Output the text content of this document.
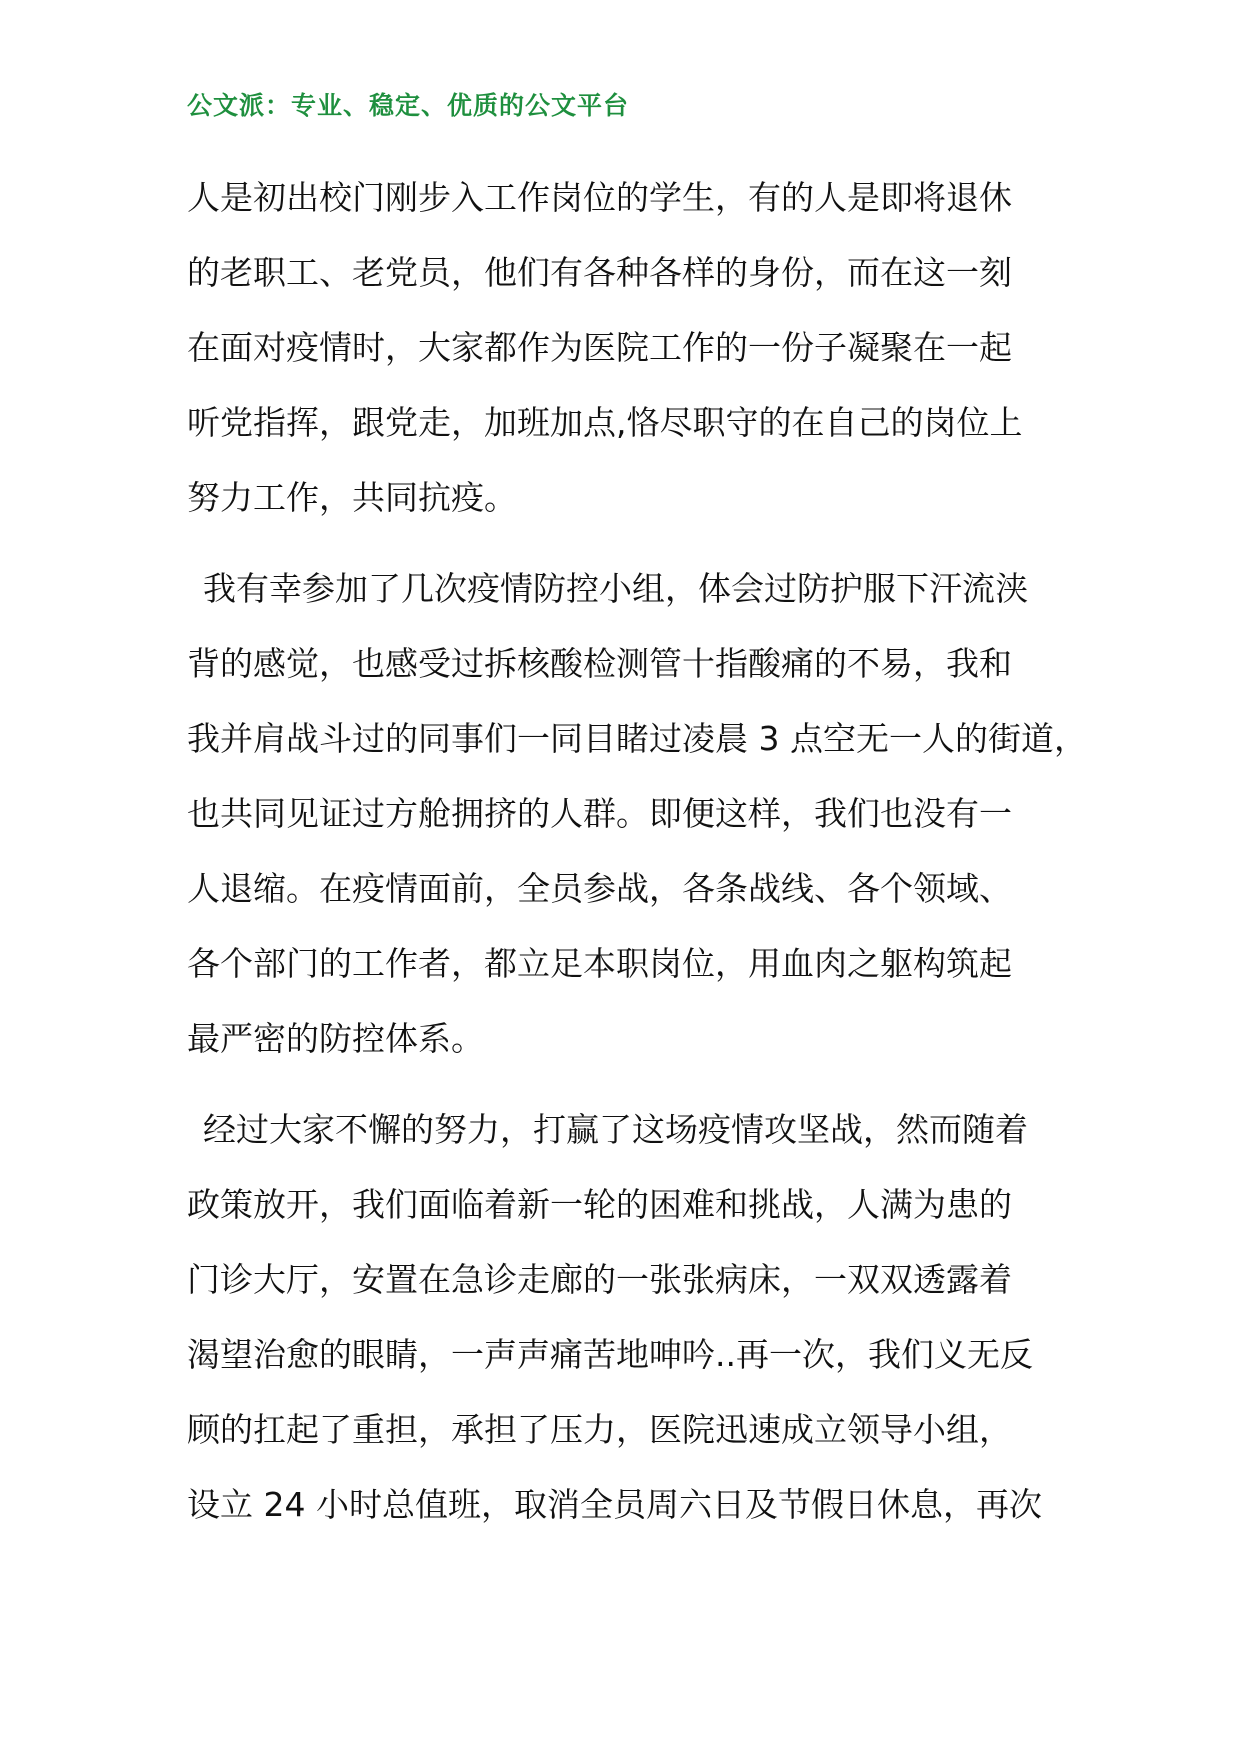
公文派：专业、稳定、优质的公文平台
人是初出校门刚步入工作岗位的学生，有的人是即将退休
的老职工、老党员，他们有各种各样的身份，而在这一刻
在面对疫情时，大家都作为医院工作的一份子凝聚在一起
听党指挥，跟党走，加班加点,恪尽职守的在自己的岗位上
努力工作，共同抗疫。
我有幸参加了几次疫情防控小组，体会过防护服下汗流浃
背的感觉，也感受过拆核酸检测管十指酸痛的不易，我和
我并肩战斗过的同事们一同目睹过凌晨 3 点空无一人的街道，
也共同见证过方舱拥挤的人群。即便这样，我们也没有一
人退缩。在疫情面前，全员参战，各条战线、各个领域、
各个部门的工作者，都立足本职岗位，用血肉之躯构筑起
最严密的防控体系。
经过大家不懈的努力，打赢了这场疫情攻坚战，然而随着
政策放开，我们面临着新一轮的困难和挑战，人满为患的
门诊大厅，安置在急诊走廊的一张张病床，一双双透露着
渴望治愈的眼睛，一声声痛苦地呻吟..再一次，我们义无反
顾的扛起了重担，承担了压力，医院迅速成立领导小组，
设立 24 小时总值班，取消全员周六日及节假日休息，再次
